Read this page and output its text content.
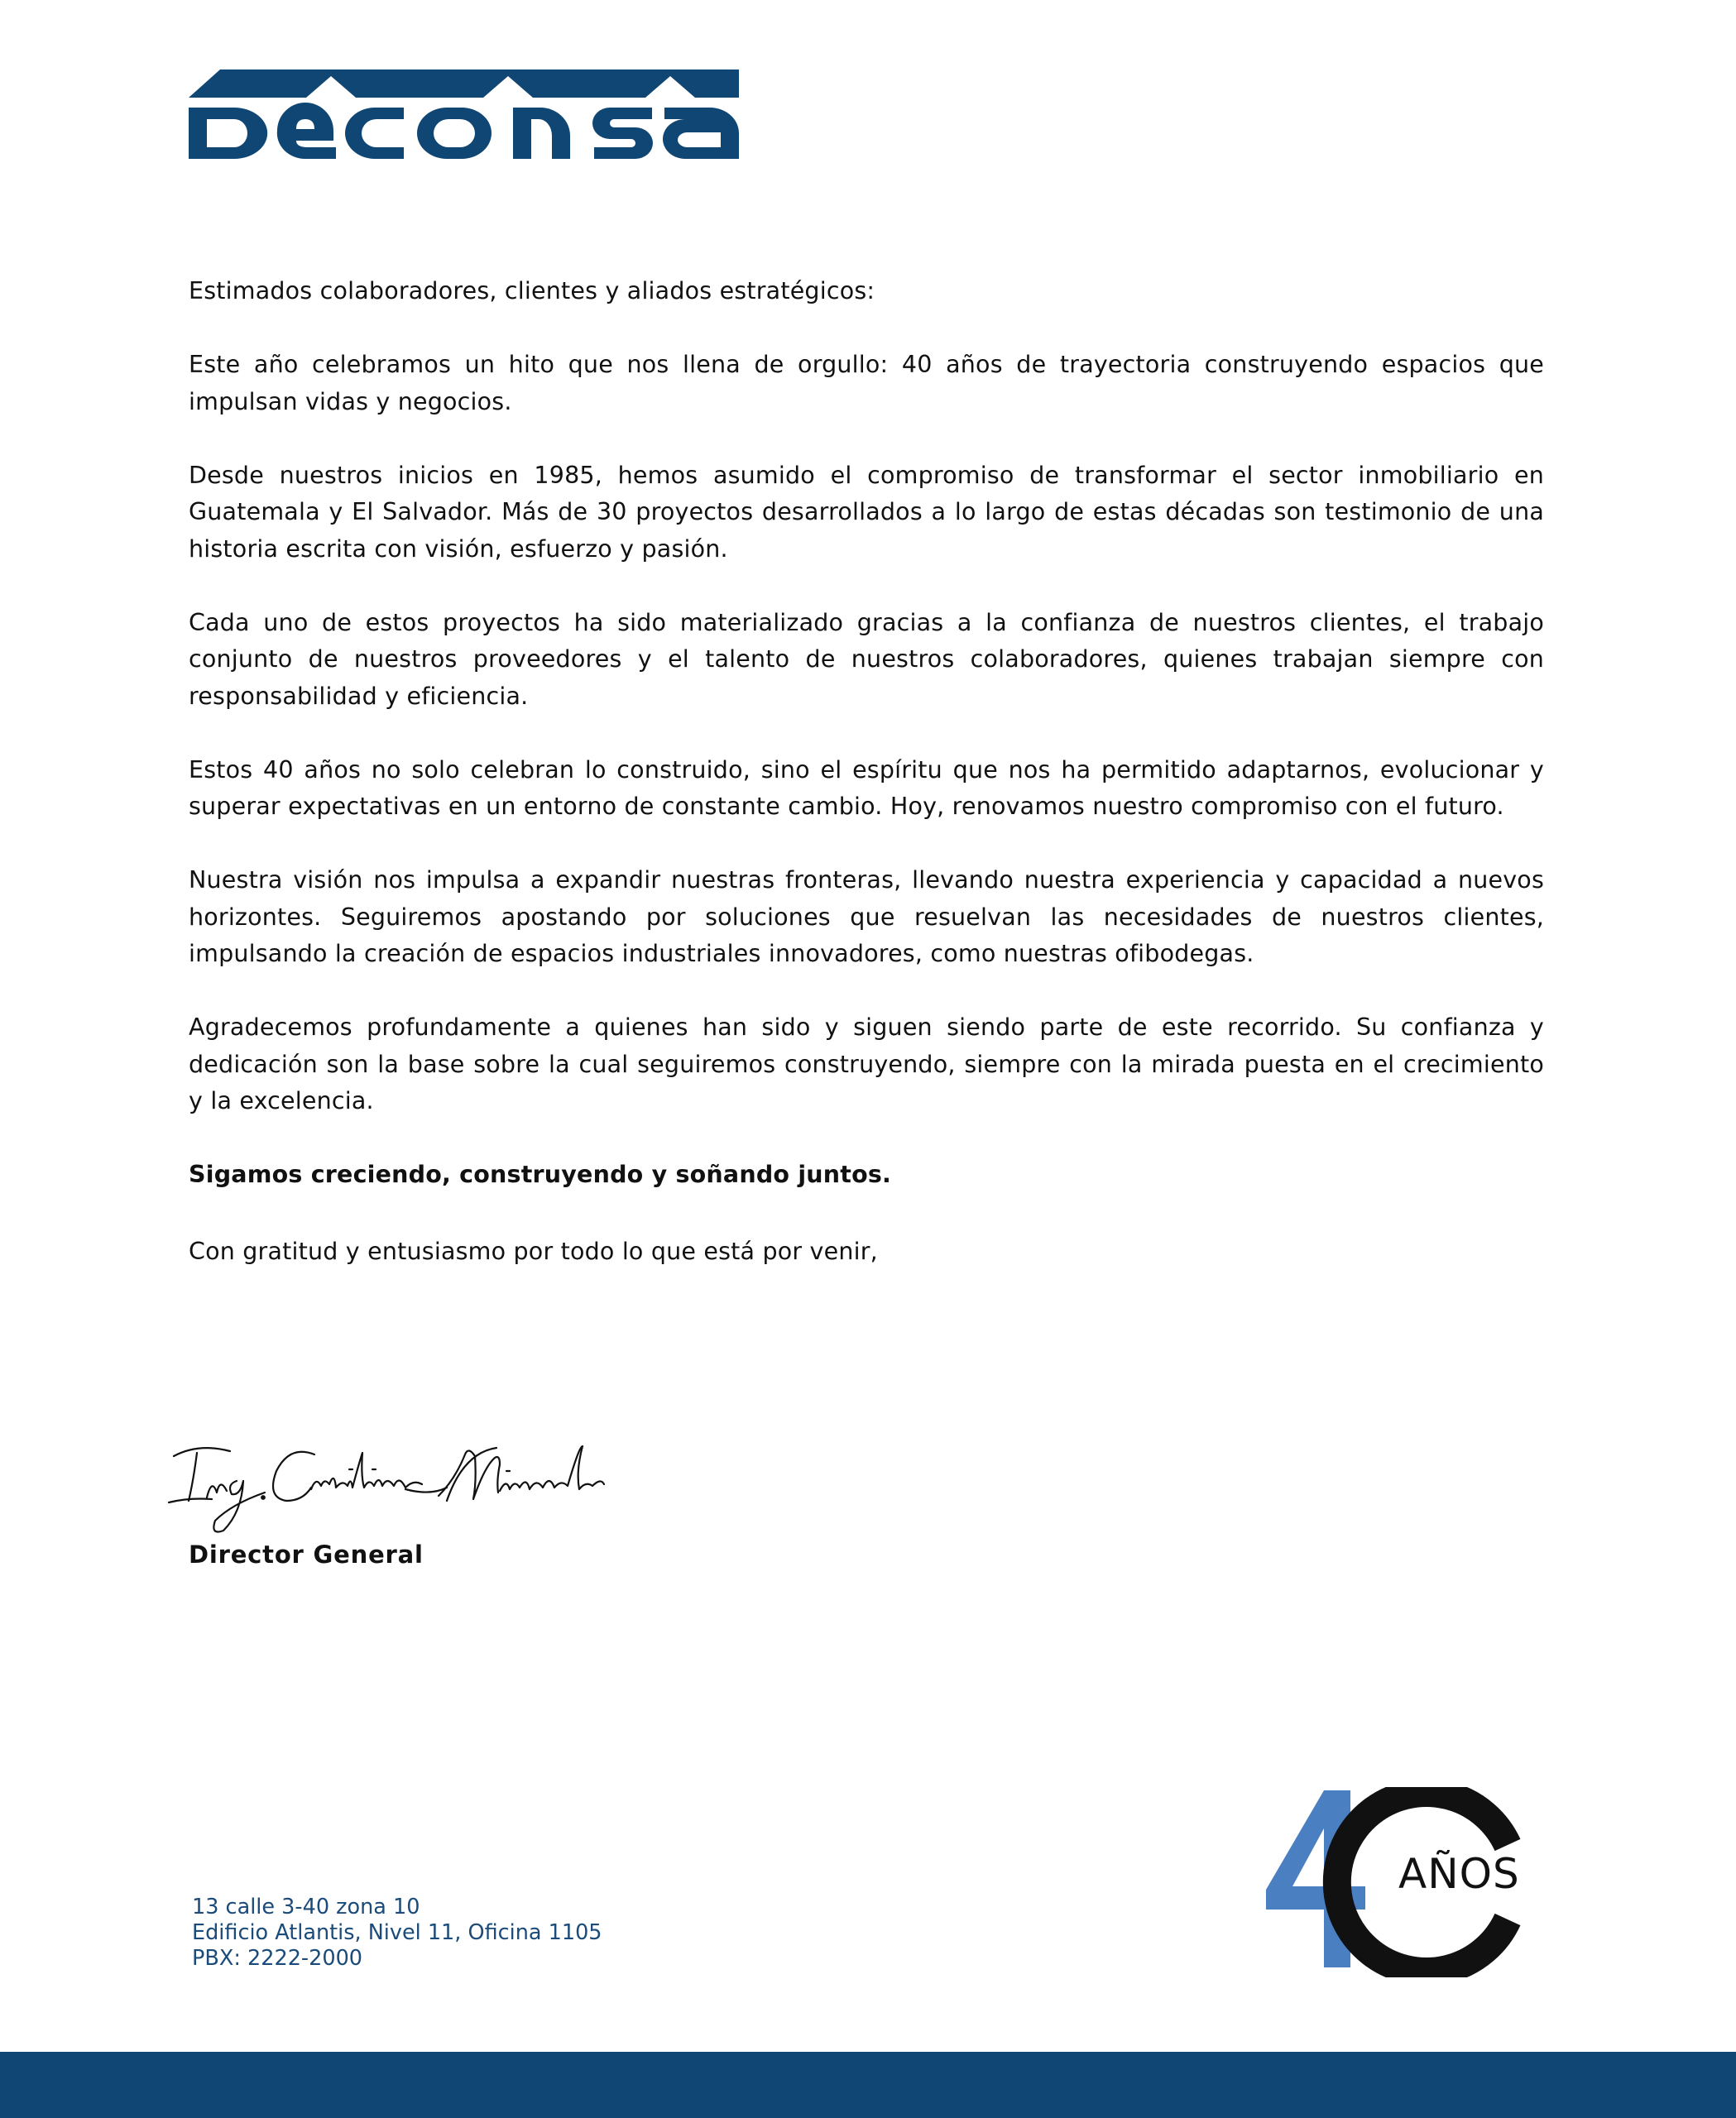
Estimados colaboradores, clientes y aliados estratégicos:

Este año celebramos un hito que nos llena de orgullo: 40 años de trayectoria construyendo espacios que impulsan vidas y negocios.

Desde nuestros inicios en 1985, hemos asumido el compromiso de transformar el sector inmobiliario en Guatemala y El Salvador. Más de 30 proyectos desarrollados a lo largo de estas décadas son testimonio de una historia escrita con visión, esfuerzo y pasión.

Cada uno de estos proyectos ha sido materializado gracias a la confianza de nuestros clientes, el trabajo conjunto de nuestros proveedores y el talento de nuestros colaboradores, quienes trabajan siempre con responsabilidad y eficiencia.

Estos 40 años no solo celebran lo construido, sino el espíritu que nos ha permitido adaptarnos, evolucionar y superar expectativas en un entorno de constante cambio. Hoy, renovamos nuestro compromiso con el futuro.

Nuestra visión nos impulsa a expandir nuestras fronteras, llevando nuestra experiencia y capacidad a nuevos horizontes. Seguiremos apostando por soluciones que resuelvan las necesidades de nuestros clientes, impulsando la creación de espacios industriales innovadores, como nuestras ofibodegas.

Agradecemos profundamente a quienes han sido y siguen siendo parte de este recorrido. Su confianza y dedicación son la base sobre la cual seguiremos construyendo, siempre con la mirada puesta en el crecimiento y la excelencia.

Sigamos creciendo, construyendo y soñando juntos.

Con gratitud y entusiasmo por todo lo que está por venir,

Director General
13 calle 3-40 zona 10
Edificio Atlantis, Nivel 11, Oficina 1105
PBX: 2222-2000
AÑOS
